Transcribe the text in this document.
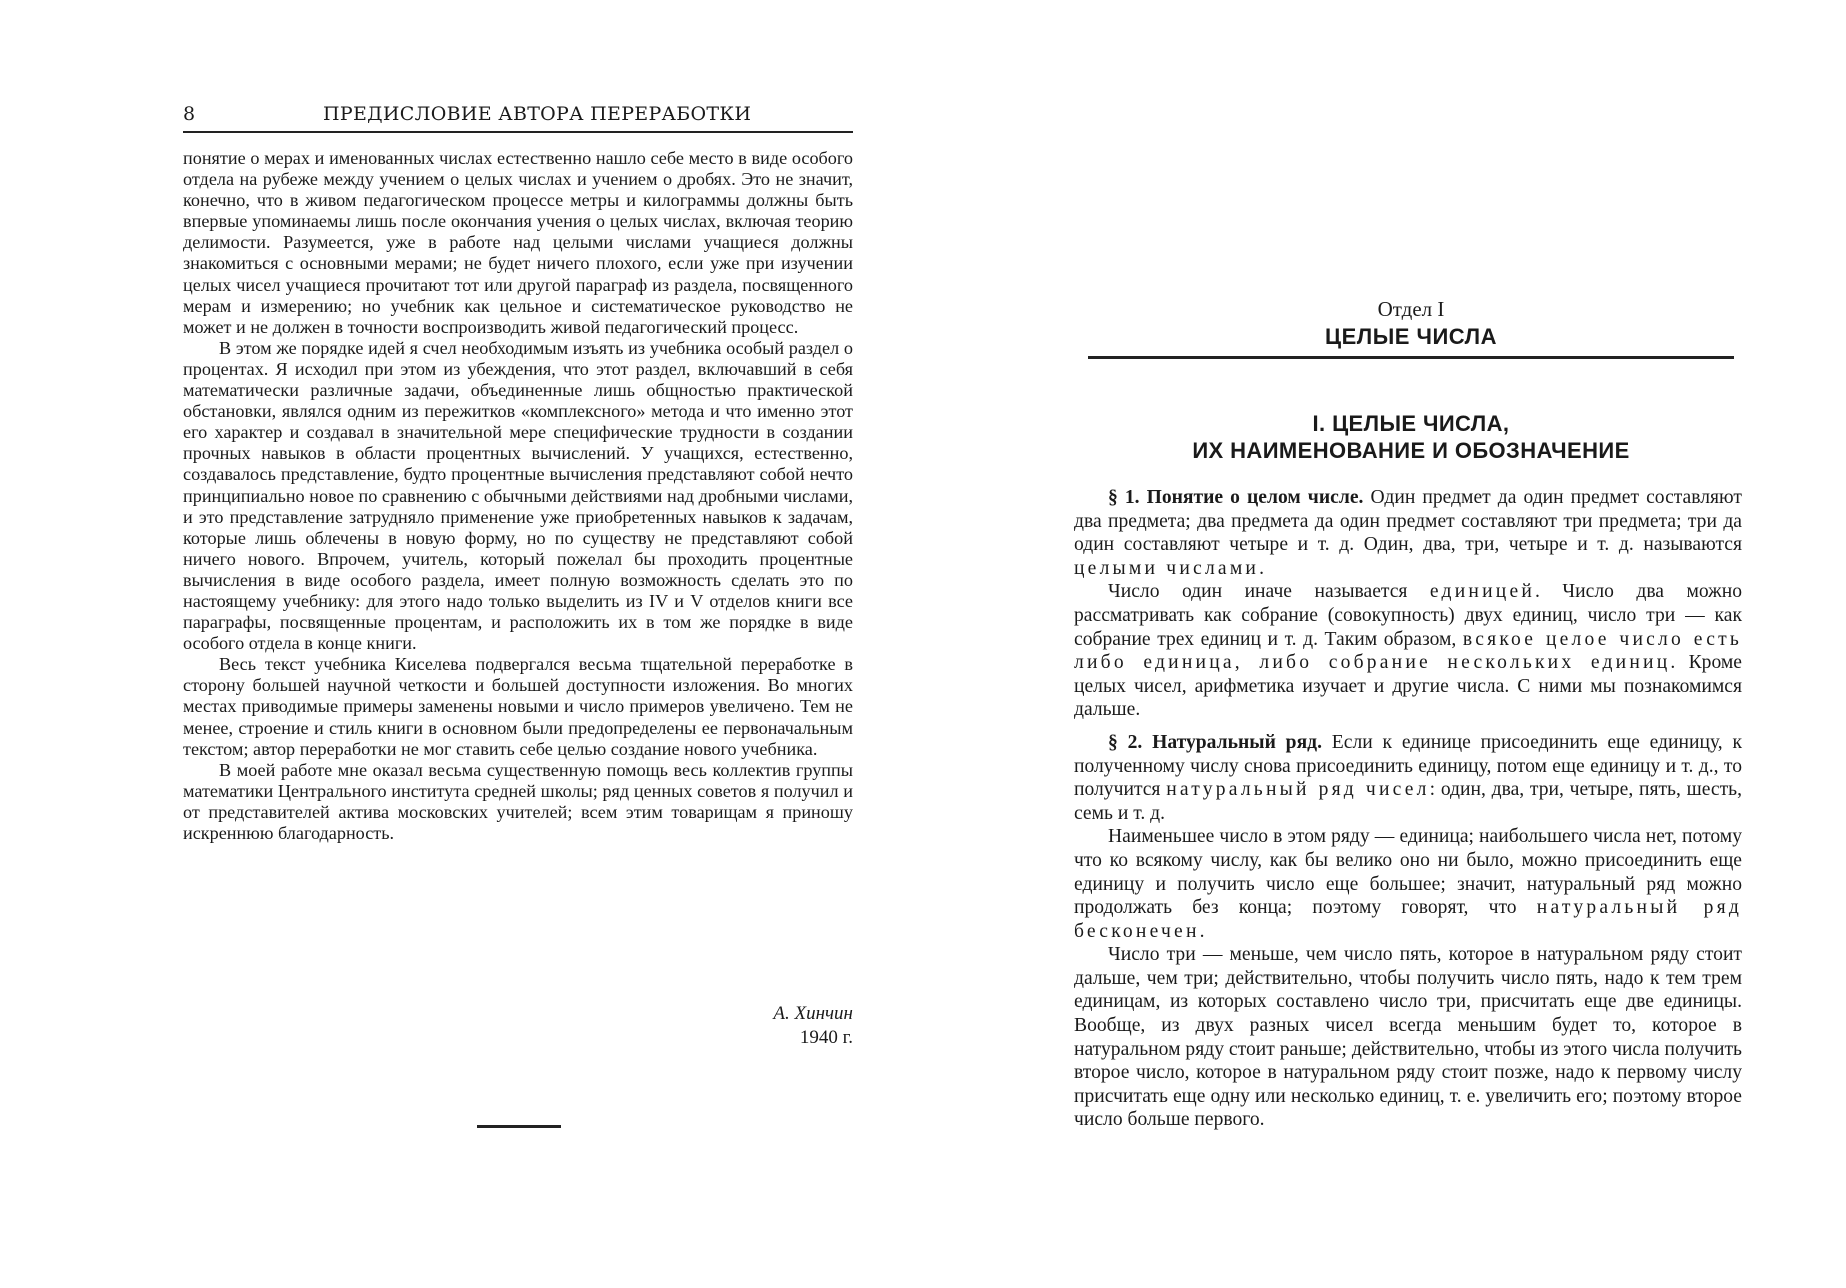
8	ПРЕДИСЛОВИЕ АВТОРА ПЕРЕРАБОТКИ

понятие о мерах и именованных числах естественно нашло себе место в виде особого отдела на рубеже между учением о целых числах и учением о дробях. Это не значит, конечно, что в живом педагогическом процессе метры и килограммы должны быть впервые упоминаемы лишь после окончания учения о целых числах, включая теорию делимости. Разумеется, уже в работе над целыми числами учащиеся должны знакомиться с основными мерами; не будет ничего плохого, если уже при изучении целых чисел учащиеся прочитают тот или другой параграф из раздела, посвященного мерам и измерению; но учебник как цельное и систематическое руководство не может и не должен в точности воспроизводить живой педагогический процесс.

В этом же порядке идей я счел необходимым изъять из учебника особый раздел о процентах. Я исходил при этом из убеждения, что этот раздел, включавший в себя математически различные задачи, объединенные лишь общностью практической обстановки, являлся одним из пережитков «комплексного» метода и что именно этот его характер и создавал в значительной мере специфические трудности в создании прочных навыков в области процентных вычислений. У учащихся, естественно, создавалось представление, будто процентные вычисления представляют собой нечто принципиально новое по сравнению с обычными действиями над дробными числами, и это представление затрудняло применение уже приобретенных навыков к задачам, которые лишь облечены в новую форму, но по существу не представляют собой ничего нового. Впрочем, учитель, который пожелал бы проходить процентные вычисления в виде особого раздела, имеет полную возможность сделать это по настоящему учебнику: для этого надо только выделить из IV и V отделов книги все параграфы, посвященные процентам, и расположить их в том же порядке в виде особого отдела в конце книги.

Весь текст учебника Киселева подвергался весьма тщательной переработке в сторону большей научной четкости и большей доступности изложения. Во многих местах приводимые примеры заменены новыми и число примеров увеличено. Тем не менее, строение и стиль книги в основном были предопределены ее первоначальным текстом; автор переработки не мог ставить себе целью создание нового учебника.

В моей работе мне оказал весьма существенную помощь весь коллектив группы математики Центрального института средней школы; ряд ценных советов я получил и от представителей актива московских учителей; всем этим товарищам я приношу искреннюю благодарность.

А. Хинчин
1940 г.
Отдел I
ЦЕЛЫЕ ЧИСЛА
I. ЦЕЛЫЕ ЧИСЛА,
ИХ НАИМЕНОВАНИЕ И ОБОЗНАЧЕНИЕ

§ 1. Понятие о целом числе. Один предмет да один предмет составляют два предмета; два предмета да один предмет составляют три предмета; три да один составляют четыре и т. д. Один, два, три, четыре и т. д. называются целыми числами.

Число один иначе называется единицей. Число два можно рассматривать как собрание (совокупность) двух единиц, число три — как собрание трех единиц и т. д. Таким образом, всякое целое число есть либо единица, либо собрание нескольких единиц. Кроме целых чисел, арифметика изучает и другие числа. С ними мы познакомимся дальше.

§ 2. Натуральный ряд. Если к единице присоединить еще единицу, к полученному числу снова присоединить единицу, потом еще единицу и т. д., то получится натуральный ряд чисел: один, два, три, четыре, пять, шесть, семь и т. д.

Наименьшее число в этом ряду — единица; наибольшего числа нет, потому что ко всякому числу, как бы велико оно ни было, можно присоединить еще единицу и получить число еще большее; значит, натуральный ряд можно продолжать без конца; поэтому говорят, что натуральный ряд бесконечен.

Число три — меньше, чем число пять, которое в натуральном ряду стоит дальше, чем три; действительно, чтобы получить число пять, надо к тем трем единицам, из которых составлено число три, присчитать еще две единицы. Вообще, из двух разных чисел всегда меньшим будет то, которое в натуральном ряду стоит раньше; действительно, чтобы из этого числа получить второе число, которое в натуральном ряду стоит позже, надо к первому числу присчитать еще одну или несколько единиц, т. е. увеличить его; поэтому второе число больше первого.
